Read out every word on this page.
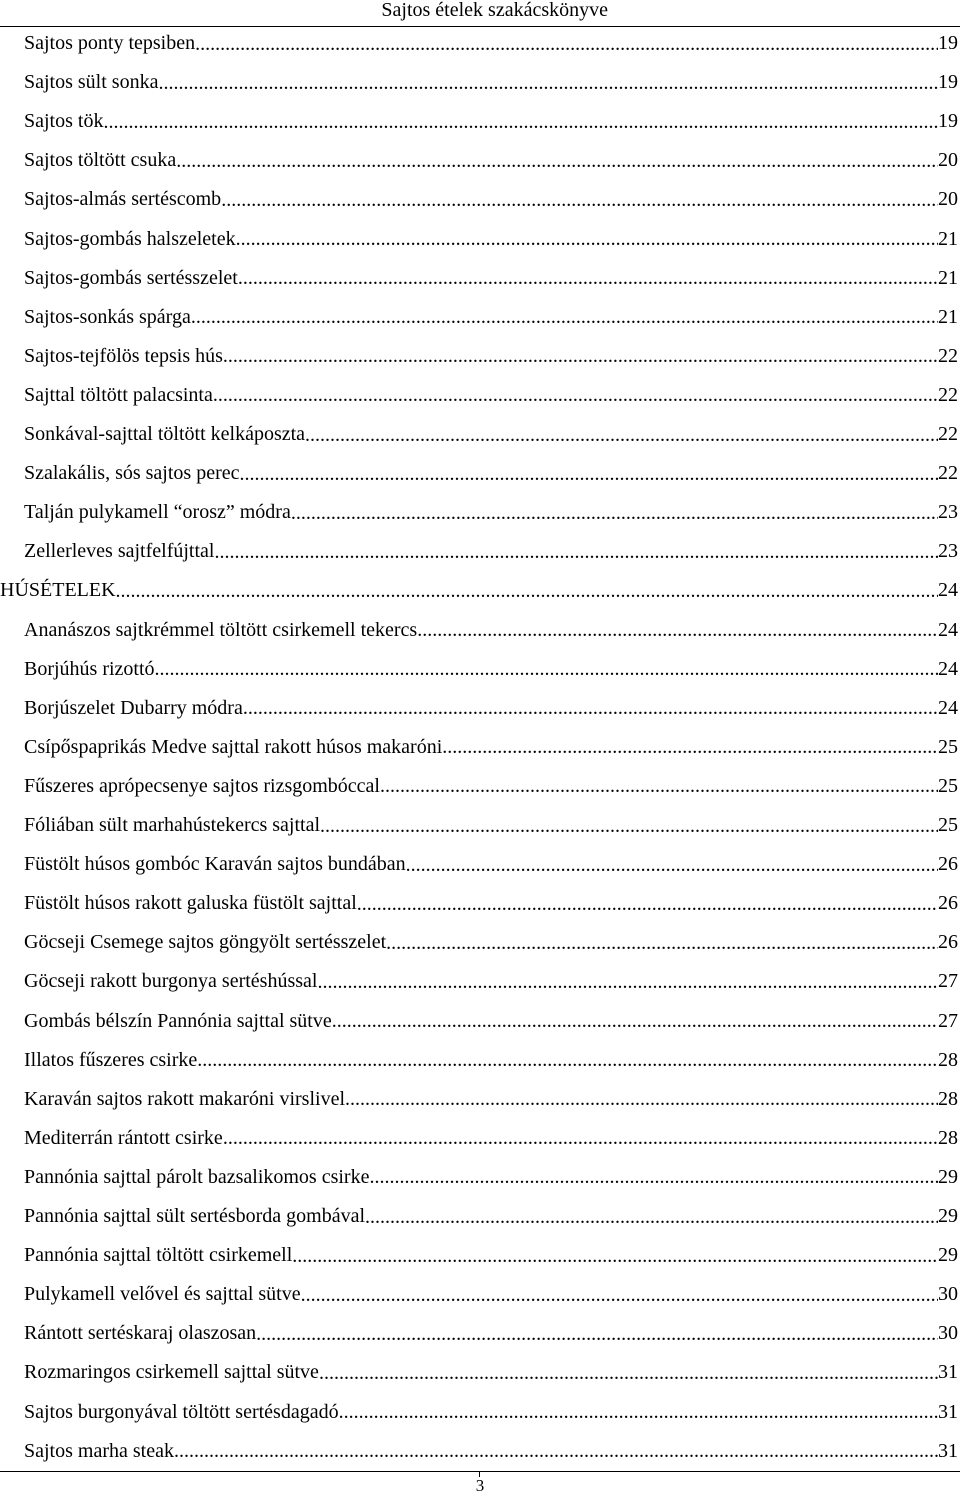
Sajtos ételek szakácskönyve
Sajtos ponty tepsiben .....	19
Sajtos sült sonka .....	19
Sajtos tök .....	19
Sajtos töltött csuka .....	20
Sajtos-almás sertéscomb .....	20
Sajtos-gombás halszeletek .....	21
Sajtos-gombás sertésszelet .....	21
Sajtos-sonkás spárga .....	21
Sajtos-tejfölös tepsis hús .....	22
Sajttal töltött palacsinta .....	22
Sonkával-sajttal töltött kelkáposzta .....	22
Szalakális, sós sajtos perec .....	22
Talján pulykamell “orosz” módra .....	23
Zellerleves sajtfelfújttal .....	23
HÚSÉTELEK .....	24
Ananászos sajtkrémmel töltött csirkemell tekercs .....	24
Borjúhús rizottó .....	24
Borjúszelet Dubarry módra .....	24
Csípőspaprikás Medve sajttal rakott húsos makaróni .....	25
Fűszeres aprópecsenye sajtos rizsgombóccal .....	25
Fóliában sült marhahústekercs sajttal .....	25
Füstölt húsos gombóc Karaván sajtos bundában .....	26
Füstölt húsos rakott galuska füstölt sajttal .....	26
Göcseji Csemege sajtos göngyölt sertésszelet .....	26
Göcseji rakott burgonya sertéshússal .....	27
Gombás bélszín Pannónia sajttal sütve .....	27
Illatos fűszeres csirke .....	28
Karaván sajtos rakott makaróni virslivel .....	28
Mediterrán rántott csirke .....	28
Pannónia sajttal párolt bazsalikomos csirke .....	29
Pannónia sajttal sült sertésborda gombával .....	29
Pannónia sajttal töltött csirkemell .....	29
Pulykamell velővel és sajttal sütve .....	30
Rántott sertéskaraj olaszosan .....	30
Rozmaringos csirkemell sajttal sütve .....	31
Sajtos burgonyával töltött sertésdagadó .....	31
Sajtos marha steak .....	31
3
